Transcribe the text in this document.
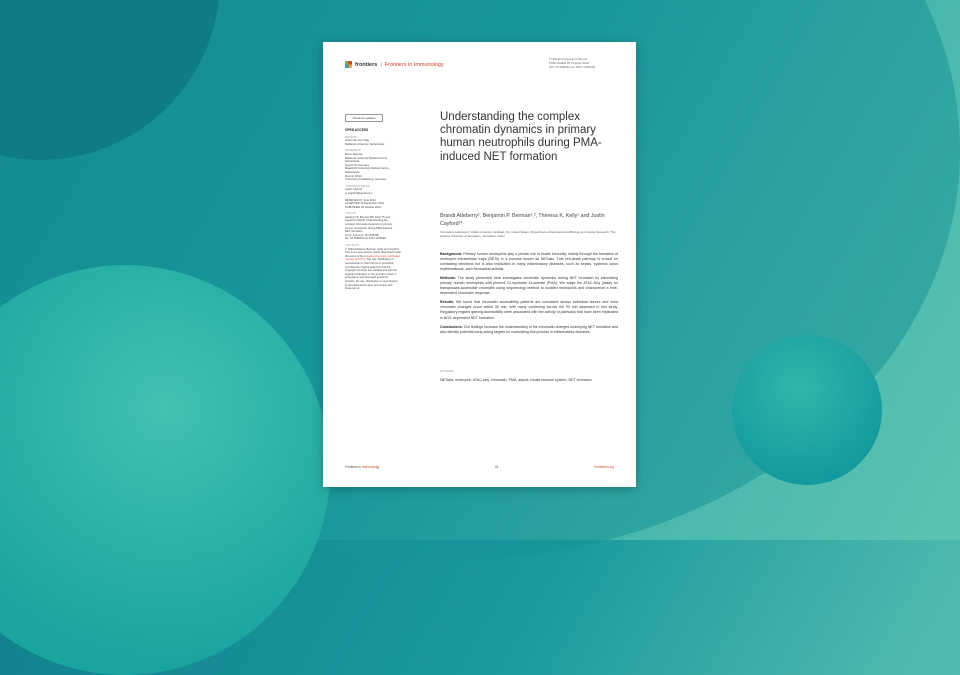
frontiers | Frontiers in Immunology
TYPE Brief Research Report
PUBLISHED 25 October 2024
DOI 10.3389/fimmu.2024.1445638
Check for updates
OPEN ACCESS
EDITED BY
Johan Van Der Vlag,
Radboud University, Netherlands
REVIEWED BY
Elmer Pieterse,
Radboud University Medical Centre,
Netherlands
Sjoerd Timmermans,
Maastricht University Medical Centre,
Netherlands
Ziermin Wrobl,
University of Heidelberg, Germany
*CORRESPONDENCE
Justin Cayford
✉ jcayford@gmail.com
RECEIVED 07 June 2024
ACCEPTED 30 September 2024
PUBLISHED 25 October 2024
CITATION
Atteberry B, Berman BP, Kelly TK and
Cayford J (2024) Understanding the
complex chromatin dynamics in primary
human neutrophils during PMA-induced
NET formation.
Front. Immunol. 15:1445638.
doi: 10.3389/fimmu.2024.1445638
COPYRIGHT
© 2024 Atteberry, Berman, Kelly and Cayford.
This is an open-access article distributed under
the terms of the Creative Commons Attribution
License (CC BY). The use, distribution or
reproduction in other forums is permitted,
provided the original author(s) and the
copyright owner(s) are credited and that the
original publication in this journal is cited, in
accordance with accepted academic
practice. No use, distribution or reproduction
is permitted which does not comply with
these terms.
Understanding the complex chromatin dynamics in primary human neutrophils during PMA-induced NET formation
Brandi Atteberry¹, Benjamin P. Berman¹,², Theresa K. Kelly¹ and Justin Cayford¹*
¹Innovation Laboratory, Volition America, Carlsbad, CA, United States, ²Department of Developmental Biology and Cancer Research, The Hebrew University of Jerusalem, Jerusalem, Israel

Background: Primary human neutrophils play a pivotal role in innate immunity, mainly through the formation of neutrophil extracellular traps (NETs) in a process known as NETosis. This cell-death pathway is crucial for combating infections but is also implicated in many inflammatory diseases, such as sepsis, systemic lupus erythematosus, and rheumatoid arthritis.

Methods: The study presented here investigates chromatin dynamics during NET formation by stimulating primary human neutrophils with phorbol 12-myristate 13-acetate (PMA). We adapt the ATAC-Seq (assay for transposase-accessible chromatin using sequencing) method to isolated neutrophils and characterize a time-dependent chromatin response.

Results: We found that chromatin accessibility patterns are consistent across individual donors and most chromatin changes occur within 30 min, with many continuing across the 90 min assessed in this study. Regulatory regions gaining accessibility were associated with the activity of pathways that have been implicated in NOX-dependent NET formation.

Conclusions: Our findings increase the understanding of the chromatin changes underlying NET formation and also identify potential early-acting targets for modulating this process in inflammatory diseases.

KEYWORDS
NETosis, neutrophil, ATAC-seq, chromatin, PMA, sepsis, innate immune system, NET formation
Frontiers in Immunology	01	frontiersin.org
